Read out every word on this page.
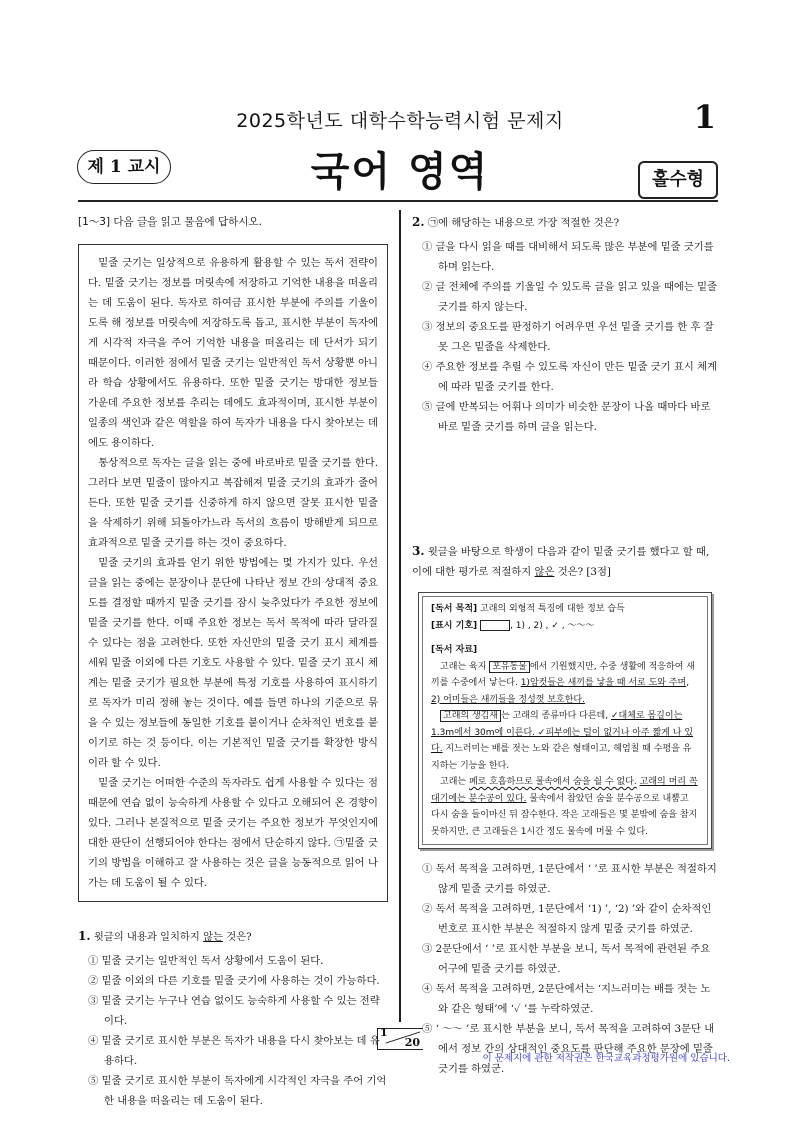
2025학년도 대학수학능력시험 문제지	1
제 1 교시	국어 영역	홀수형
[1～3] 다음 글을 읽고 물음에 답하시오.

밑줄 긋기는 일상적으로 유용하게 활용할 수 있는 독서 전략이다. 밑줄 긋기는 정보를 머릿속에 저장하고 기억한 내용을 떠올리는 데 도움이 된다. 독자로 하여금 표시한 부분에 주의를 기울이도록 해 정보를 머릿속에 저장하도록 돕고, 표시한 부분이 독자에게 시각적 자극을 주어 기억한 내용을 떠올리는 데 단서가 되기 때문이다. 이러한 점에서 밑줄 긋기는 일반적인 독서 상황뿐 아니라 학습 상황에서도 유용하다. 또한 밑줄 긋기는 방대한 정보들 가운데 주요한 정보를 추리는 데에도 효과적이며, 표시한 부분이 일종의 색인과 같은 역할을 하여 독자가 내용을 다시 찾아보는 데에도 용이하다.

통상적으로 독자는 글을 읽는 중에 바로바로 밑줄 긋기를 한다. 그러다 보면 밑줄이 많아지고 복잡해져 밑줄 긋기의 효과가 줄어든다. 또한 밑줄 긋기를 신중하게 하지 않으면 잘못 표시한 밑줄을 삭제하기 위해 되돌아가느라 독서의 흐름이 방해받게 되므로 효과적으로 밑줄 긋기를 하는 것이 중요하다.

밑줄 긋기의 효과를 얻기 위한 방법에는 몇 가지가 있다. 우선 글을 읽는 중에는 문장이나 문단에 나타난 정보 간의 상대적 중요도를 결정할 때까지 밑줄 긋기를 잠시 늦추었다가 주요한 정보에 밑줄 긋기를 한다. 이때 주요한 정보는 독서 목적에 따라 달라질 수 있다는 점을 고려한다. 또한 자신만의 밑줄 긋기 표시 체계를 세워 밑줄 이외에 다른 기호도 사용할 수 있다. 밑줄 긋기 표시 체계는 밑줄 긋기가 필요한 부분에 특정 기호를 사용하여 표시하기로 독자가 미리 정해 놓는 것이다. 예를 들면 하나의 기준으로 묶을 수 있는 정보들에 동일한 기호를 붙이거나 순차적인 번호를 붙이기로 하는 것 등이다. 이는 기본적인 밑줄 긋기를 확장한 방식이라 할 수 있다.

밑줄 긋기는 어떠한 수준의 독자라도 쉽게 사용할 수 있다는 점 때문에 연습 없이 능숙하게 사용할 수 있다고 오해되어 온 경향이 있다. 그러나 본질적으로 밑줄 긋기는 주요한 정보가 무엇인지에 대한 판단이 선행되어야 한다는 점에서 단순하지 않다. ㉠밑줄 긋기의 방법을 이해하고 잘 사용하는 것은 글을 능동적으로 읽어 나가는 데 도움이 될 수 있다.

1. 윗글의 내용과 일치하지 않는 것은?

① 밑줄 긋기는 일반적인 독서 상황에서 도움이 된다.

② 밑줄 이외의 다른 기호를 밑줄 긋기에 사용하는 것이 가능하다.

③ 밑줄 긋기는 누구나 연습 없이도 능숙하게 사용할 수 있는 전략이다.

④ 밑줄 긋기로 표시한 부분은 독자가 내용을 다시 찾아보는 데 유용하다.

⑤ 밑줄 긋기로 표시한 부분이 독자에게 시각적인 자극을 주어 기억한 내용을 떠올리는 데 도움이 된다.

2. ㉠에 해당하는 내용으로 가장 적절한 것은?

① 글을 다시 읽을 때를 대비해서 되도록 많은 부분에 밑줄 긋기를 하며 읽는다.

② 글 전체에 주의를 기울일 수 있도록 글을 읽고 있을 때에는 밑줄 긋기를 하지 않는다.

③ 정보의 중요도를 판정하기 어려우면 우선 밑줄 긋기를 한 후 잘못 그은 밑줄을 삭제한다.

④ 주요한 정보를 추릴 수 있도록 자신이 만든 밑줄 긋기 표시 체계에 따라 밑줄 긋기를 한다.

⑤ 글에 반복되는 어휘나 의미가 비슷한 문장이 나올 때마다 바로바로 밑줄 긋기를 하며 글을 읽는다.

3. 윗글을 바탕으로 학생이 다음과 같이 밑줄 긋기를 했다고 할 때, 이에 대한 평가로 적절하지 않은 것은? [3점]

[독서 목적] 고래의 외형적 특징에 대한 정보 습득

[표시 기호]	, 1) , 2) , ✓ , ～～～

[독서 자료]

고래는 육지 포유동물 에서 기원했지만, 수중 생활에 적응하여 새끼를 수중에서 낳는다. 1)암컷들은 새끼를 낳을 때 서로 도와 주며, 2) 어미들은 새끼들을 정성껏 보호한다.

고래의 생김새 는 고래의 종류마다 다른데, ✓대체로 몸길이는 1.3m에서 30m에 이른다. ✓피부에는 털이 없거나 아주 짧게 나 있다. 지느러미는 배를 젓는 노와 같은 형태이고, 헤엄칠 때 수평을 유지하는 기능을 한다.

고래는 폐로 호흡하므로 물속에서 숨을 쉴 수 없다. 고래의 머리 꼭대기에는 분수공이 있다. 물속에서 참았던 숨을 분수공으로 내뿜고 다시 숨을 들이마신 뒤 잠수한다. 작은 고래들은 몇 분밖에 숨을 참지 못하지만, 큰 고래들은 1시간 정도 물속에 머물 수 있다.

① 독서 목적을 고려하면, 1문단에서 ‘ ’로 표시한 부분은 적절하지 않게 밑줄 긋기를 하였군.

② 독서 목적을 고려하면, 1문단에서 ‘1) ’, ‘2) ’와 같이 순차적인 번호로 표시한 부분은 적절하지 않게 밑줄 긋기를 하였군.

③ 2문단에서 ‘ ’로 표시한 부분을 보니, 독서 목적에 관련된 주요 어구에 밑줄 긋기를 하였군.

④ 독서 목적을 고려하면, 2문단에서는 ‘지느러미는 배를 젓는 노와 같은 형태’에 ‘✓ ’를 누락하였군.

⑤ ‘ ～～ ’로 표시한 부분을 보니, 독서 목적을 고려하여 3문단 내에서 정보 간의 상대적인 중요도를 판단해 주요한 문장에 밑줄 긋기를 하였군.

1
20
이 문제지에 관한 저작권은 한국교육과정평가원에 있습니다.
